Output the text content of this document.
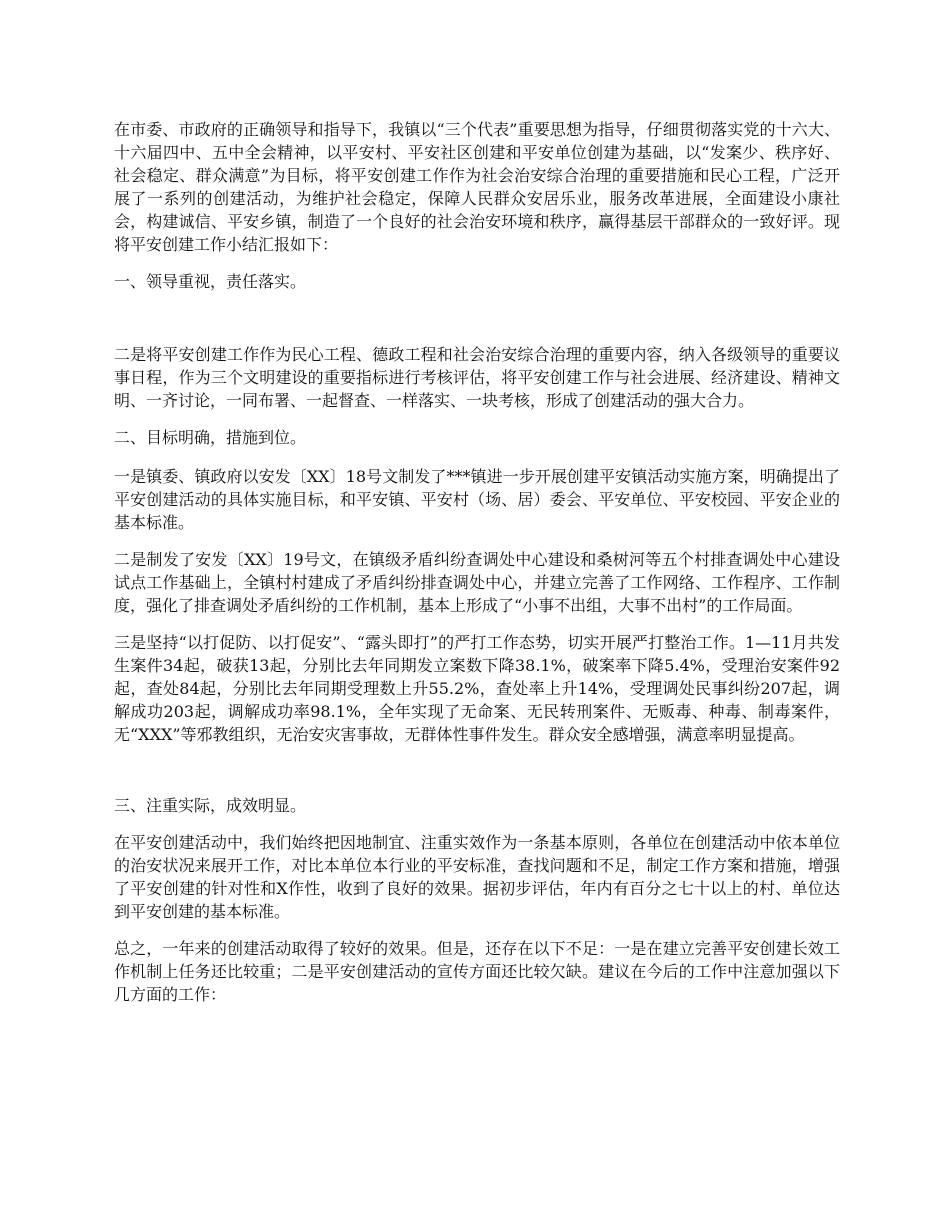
在市委、市政府的正确领导和指导下，我镇以“三个代表”重要思想为指导，仔细贯彻落实党的十六大、十六届四中、五中全会精神，以平安村、平安社区创建和平安单位创建为基础，以“发案少、秩序好、社会稳定、群众满意”为目标，将平安创建工作作为社会治安综合治理的重要措施和民心工程，广泛开展了一系列的创建活动，为维护社会稳定，保障人民群众安居乐业，服务改革进展，全面建设小康社会，构建诚信、平安乡镇，制造了一个良好的社会治安环境和秩序，赢得基层干部群众的一致好评。现将平安创建工作小结汇报如下：

一、领导重视，责任落实。

二是将平安创建工作作为民心工程、德政工程和社会治安综合治理的重要内容，纳入各级领导的重要议事日程，作为三个文明建设的重要指标进行考核评估，将平安创建工作与社会进展、经济建设、精神文明、一齐讨论，一同布署、一起督查、一样落实、一块考核，形成了创建活动的强大合力。

二、目标明确，措施到位。

一是镇委、镇政府以安发〔XX〕18号文制发了***镇进一步开展创建平安镇活动实施方案，明确提出了平安创建活动的具体实施目标，和平安镇、平安村（场、居）委会、平安单位、平安校园、平安企业的基本标准。

二是制发了安发〔XX〕19号文，在镇级矛盾纠纷查调处中心建设和桑树河等五个村排查调处中心建设试点工作基础上，全镇村村建成了矛盾纠纷排查调处中心，并建立完善了工作网络、工作程序、工作制度，强化了排查调处矛盾纠纷的工作机制，基本上形成了“小事不出组，大事不出村”的工作局面。

三是坚持“以打促防、以打促安”、“露头即打”的严打工作态势，切实开展严打整治工作。1—11月共发生案件34起，破获13起，分别比去年同期发立案数下降38.1%，破案率下降5.4%，受理治安案件92起，查处84起，分别比去年同期受理数上升55.2%，查处率上升14%，受理调处民事纠纷207起，调解成功203起，调解成功率98.1%，全年实现了无命案、无民转刑案件、无贩毒、种毒、制毒案件，无“XXX”等邪教组织，无治安灾害事故，无群体性事件发生。群众安全感增强，满意率明显提高。

三、注重实际，成效明显。

在平安创建活动中，我们始终把因地制宜、注重实效作为一条基本原则，各单位在创建活动中依本单位的治安状况来展开工作，对比本单位本行业的平安标准，查找问题和不足，制定工作方案和措施，增强了平安创建的针对性和X作性，收到了良好的效果。据初步评估，年内有百分之七十以上的村、单位达到平安创建的基本标准。

总之，一年来的创建活动取得了较好的效果。但是，还存在以下不足：一是在建立完善平安创建长效工作机制上任务还比较重；二是平安创建活动的宣传方面还比较欠缺。建议在今后的工作中注意加强以下几方面的工作：
